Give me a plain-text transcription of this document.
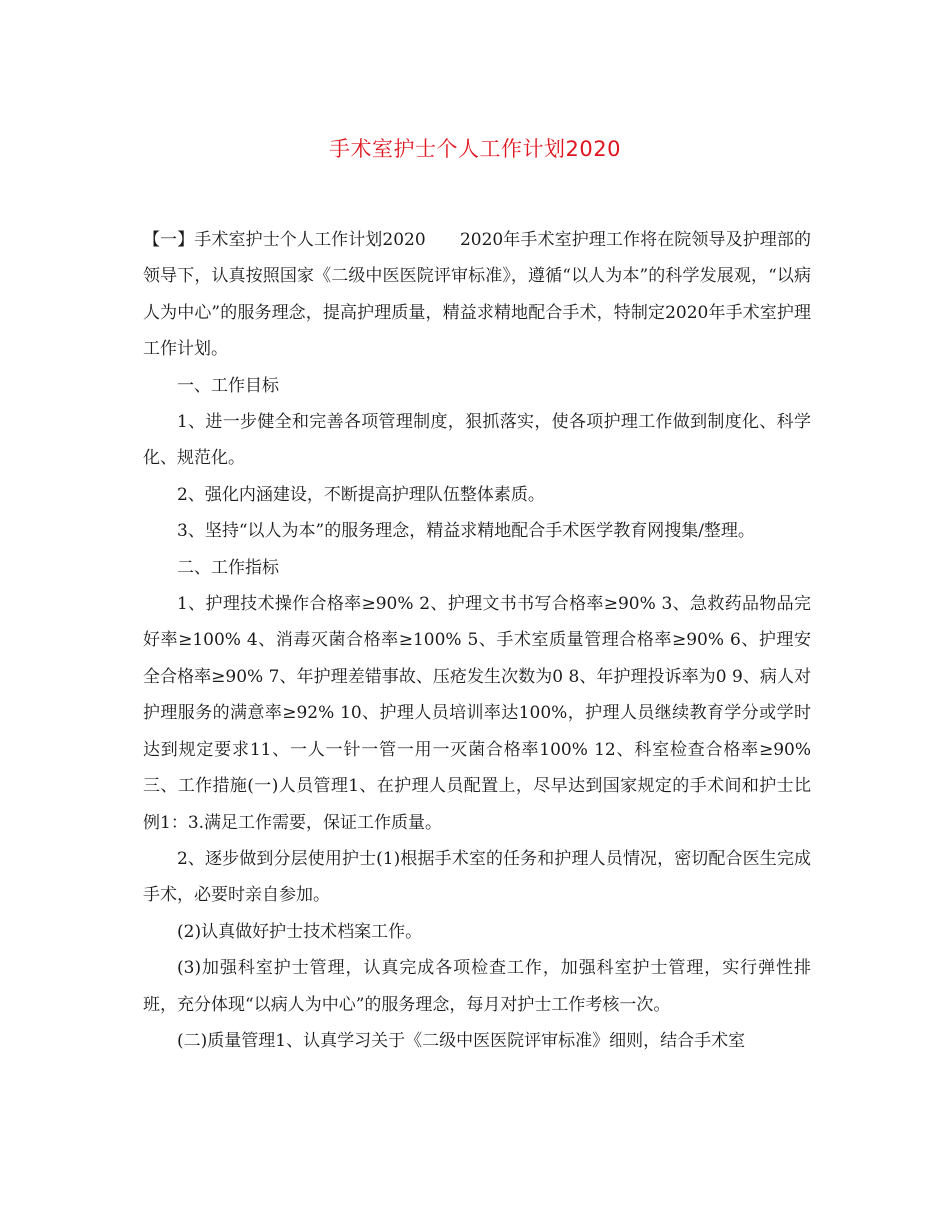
手术室护士个人工作计划2020

【一】手术室护士个人工作计划2020　　2020年手术室护理工作将在院领导及护理部的领导下，认真按照国家《二级中医医院评审标准》，遵循“以人为本”的科学发展观，“以病人为中心”的服务理念，提高护理质量，精益求精地配合手术，特制定2020年手术室护理工作计划。

一、工作目标

1、进一步健全和完善各项管理制度，狠抓落实，使各项护理工作做到制度化、科学化、规范化。

2、强化内涵建设，不断提高护理队伍整体素质。

3、坚持“以人为本”的服务理念，精益求精地配合手术医学教育网搜集/整理。

二、工作指标

1、护理技术操作合格率≥90% 2、护理文书书写合格率≥90% 3、急救药品物品完好率≥100% 4、消毒灭菌合格率≥100% 5、手术室质量管理合格率≥90% 6、护理安全合格率≥90% 7、年护理差错事故、压疮发生次数为0 8、年护理投诉率为0 9、病人对护理服务的满意率≥92% 10、护理人员培训率达100%，护理人员继续教育学分或学时达到规定要求11、一人一针一管一用一灭菌合格率100% 12、科室检查合格率≥90%三、工作措施(一)人员管理1、在护理人员配置上，尽早达到国家规定的手术间和护士比例1：3.满足工作需要，保证工作质量。

2、逐步做到分层使用护士(1)根据手术室的任务和护理人员情况，密切配合医生完成手术，必要时亲自参加。

(2)认真做好护士技术档案工作。

(3)加强科室护士管理，认真完成各项检查工作，加强科室护士管理，实行弹性排班，充分体现“以病人为中心”的服务理念，每月对护士工作考核一次。

(二)质量管理1、认真学习关于《二级中医医院评审标准》细则，结合手术室
